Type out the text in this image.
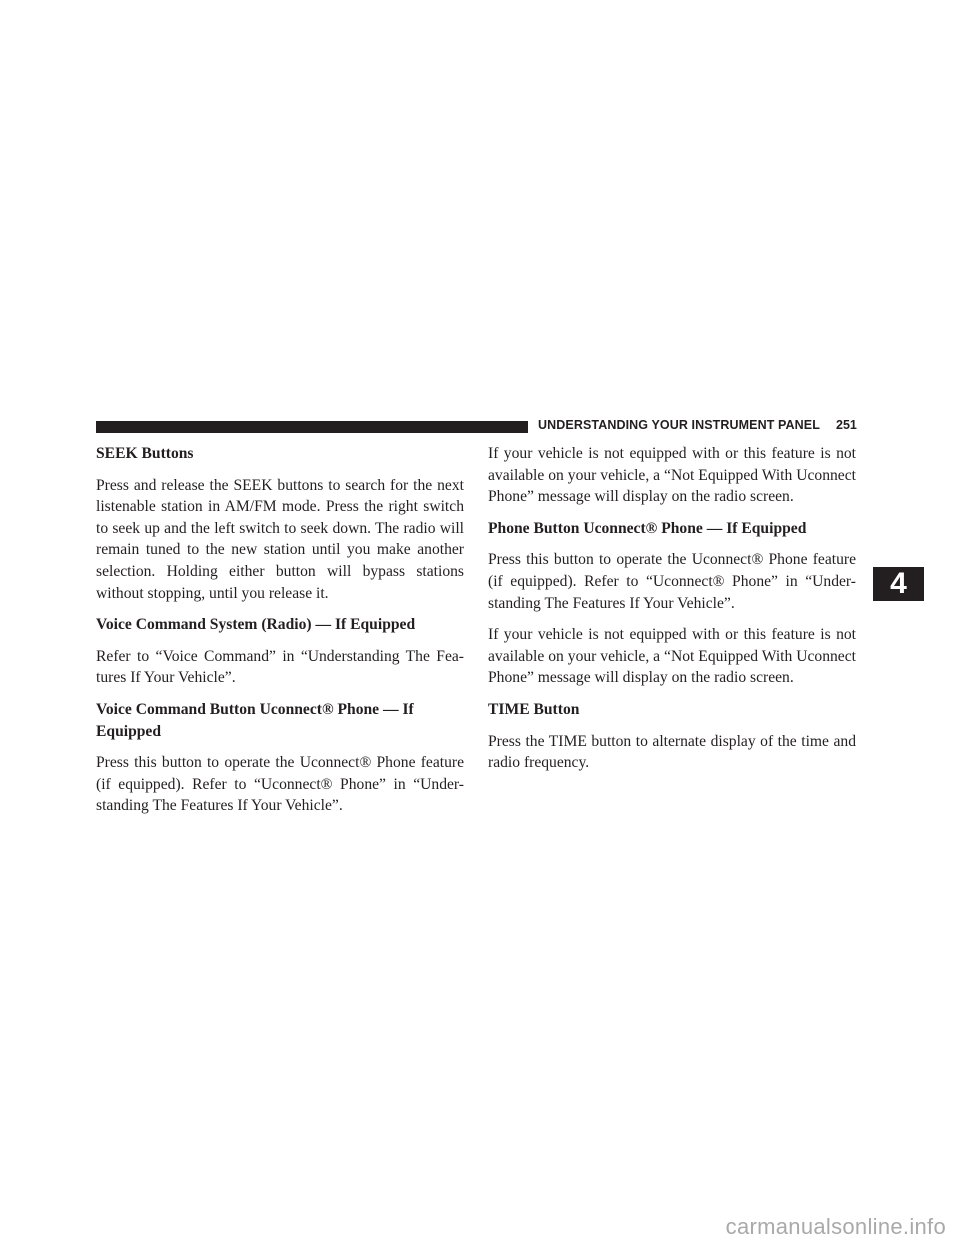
UNDERSTANDING YOUR INSTRUMENT PANEL	251
SEEK Buttons

Press and release the SEEK buttons to search for the next listenable station in AM/FM mode. Press the right switch to seek up and the left switch to seek down. The radio will remain tuned to the new station until you make another selection. Holding either button will bypass stations without stopping, until you release it.

Voice Command System (Radio) — If Equipped

Refer to “Voice Command” in “Understanding The Fea-tures If Your Vehicle”.

Voice Command Button Uconnect® Phone — If Equipped

Press this button to operate the Uconnect® Phone feature (if equipped). Refer to “Uconnect® Phone” in “Under-standing The Features If Your Vehicle”.

If your vehicle is not equipped with or this feature is not available on your vehicle, a “Not Equipped With Uconnect Phone” message will display on the radio screen.

Phone Button Uconnect® Phone — If Equipped

Press this button to operate the Uconnect® Phone feature (if equipped). Refer to “Uconnect® Phone” in “Under-standing The Features If Your Vehicle”.

If your vehicle is not equipped with or this feature is not available on your vehicle, a “Not Equipped With Uconnect Phone” message will display on the radio screen.

TIME Button

Press the TIME button to alternate display of the time and radio frequency.

4
carmanualsonline.info
